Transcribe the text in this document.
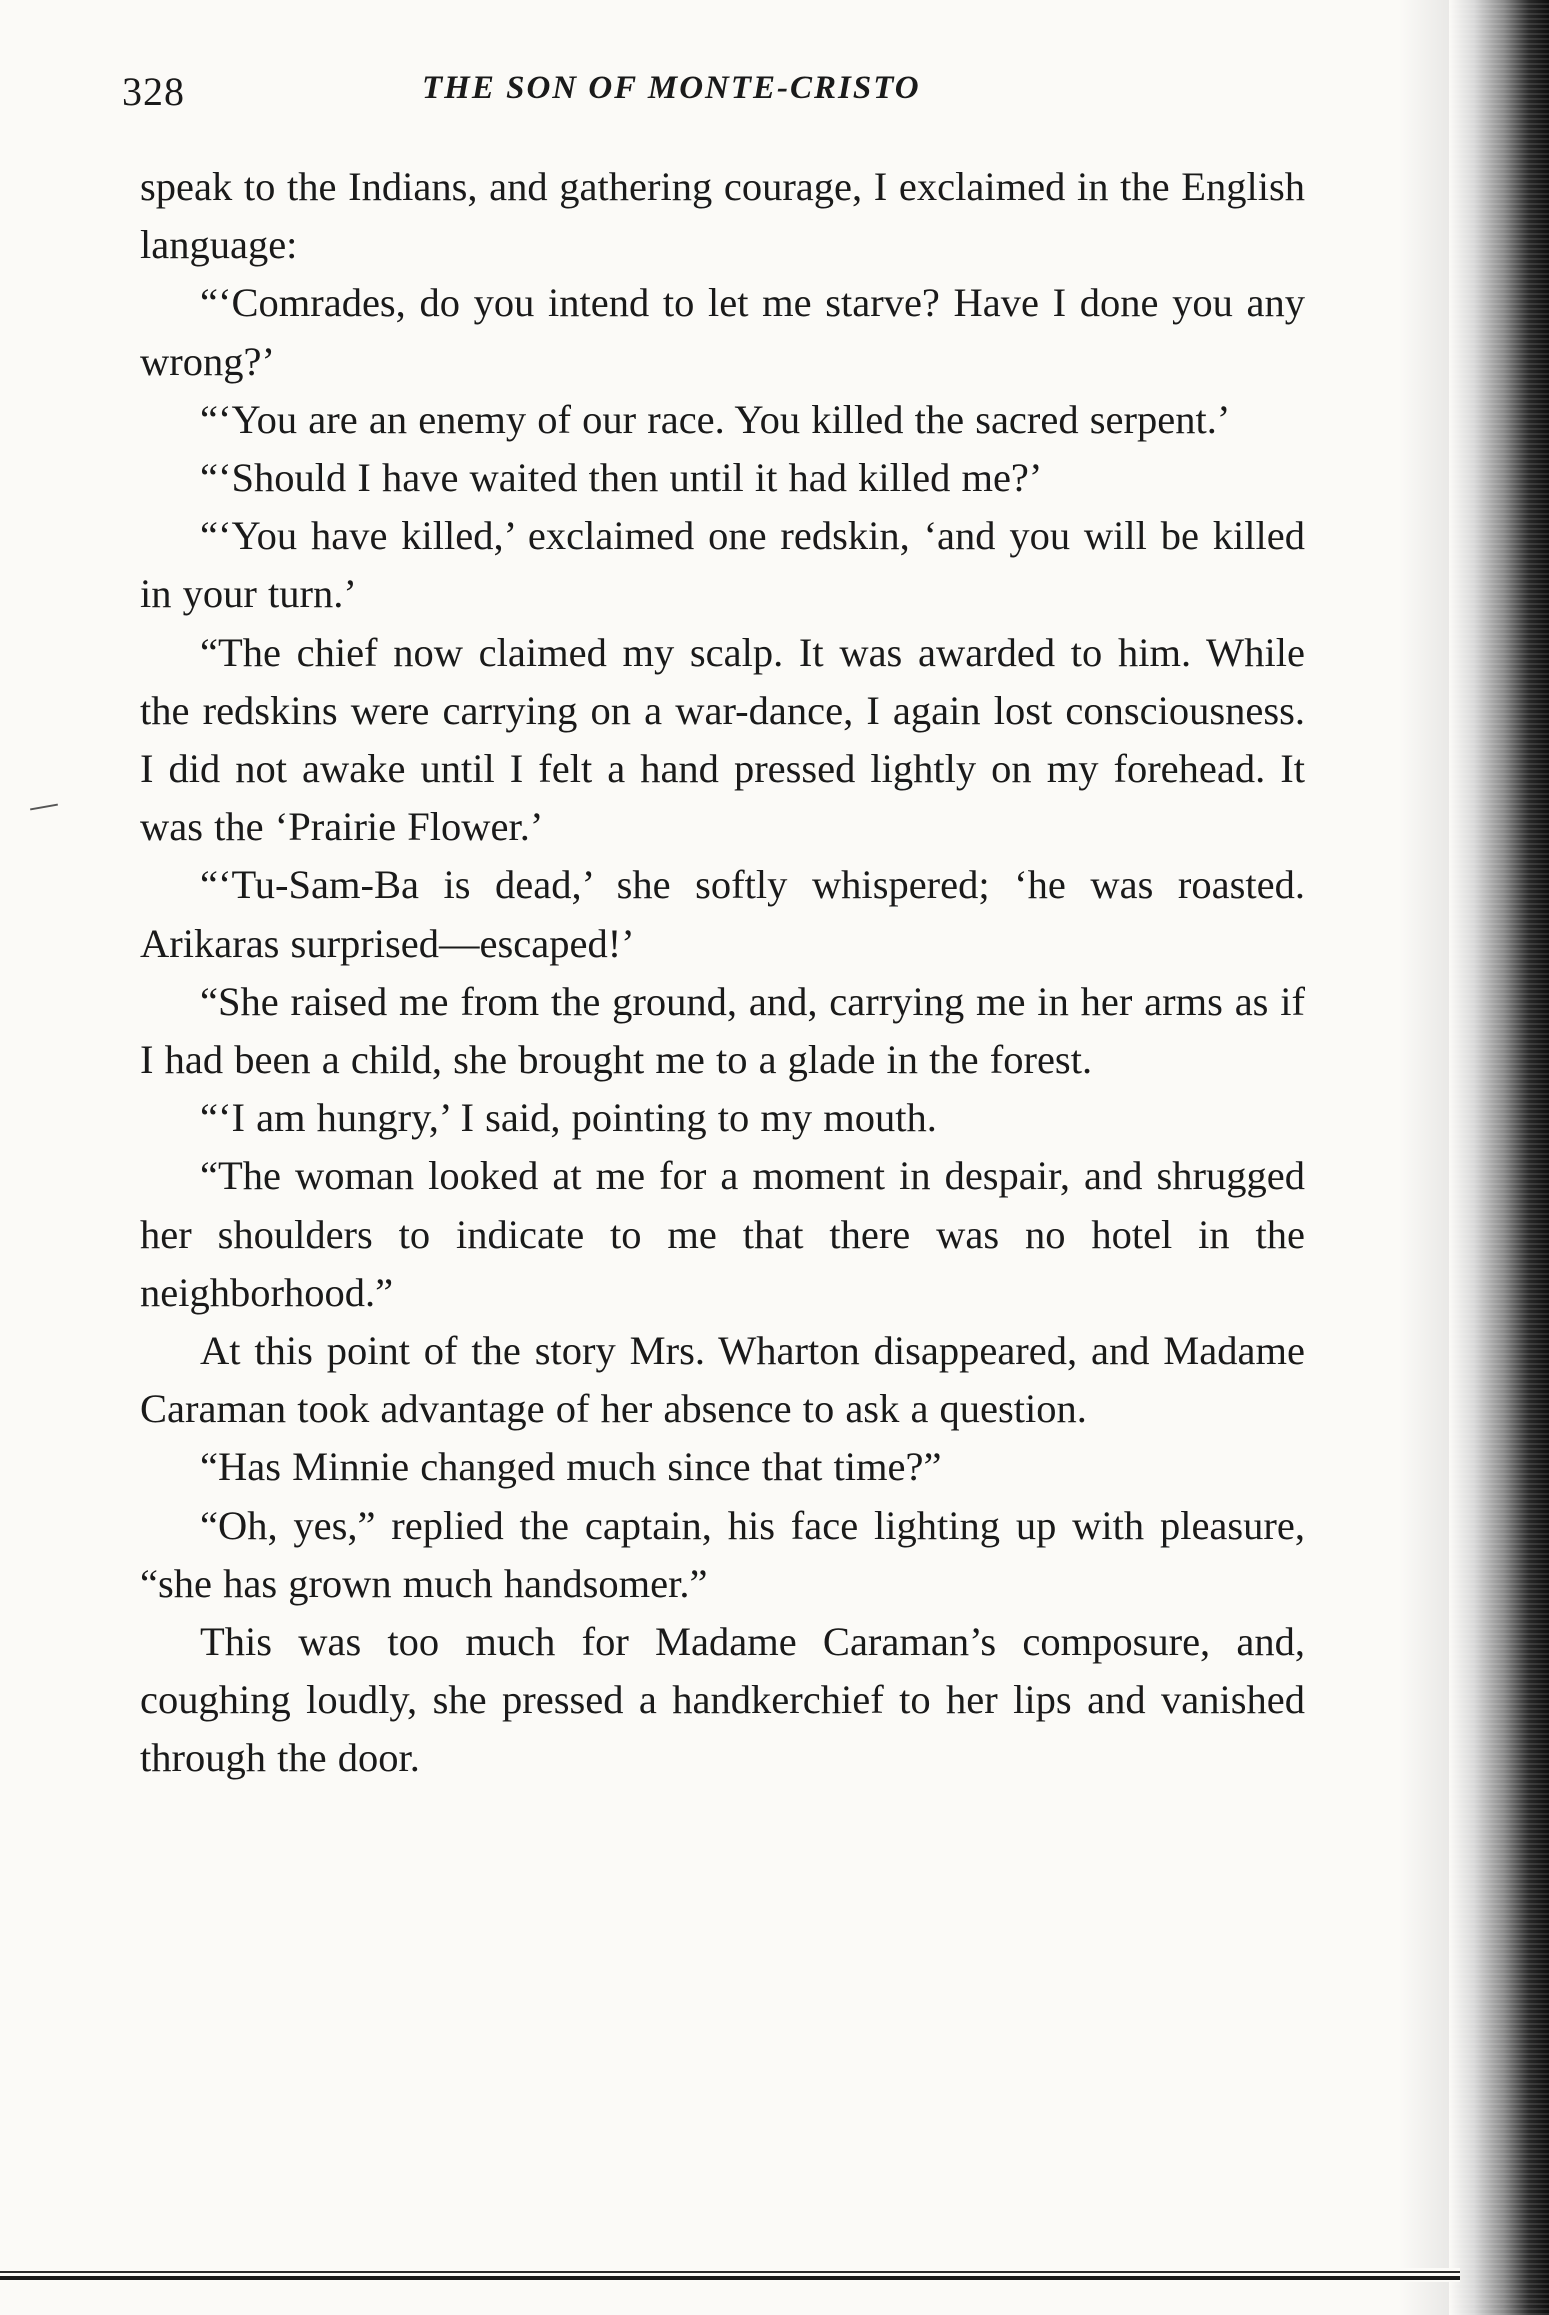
328	THE SON OF MONTE-CRISTO

speak to the Indians, and gathering courage, I exclaimed in the English language:

“‘Comrades, do you intend to let me starve? Have I done you any wrong?’

“‘You are an enemy of our race. You killed the sacred serpent.’

“‘Should I have waited then until it had killed me?’

“‘You have killed,’ exclaimed one redskin, ‘and you will be killed in your turn.’

“The chief now claimed my scalp. It was awarded to him. While the redskins were carrying on a war-dance, I again lost consciousness. I did not awake until I felt a hand pressed lightly on my forehead. It was the ‘Prairie Flower.’

“‘Tu-Sam-Ba is dead,’ she softly whispered; ‘he was roasted. Arikaras surprised—escaped!’

“She raised me from the ground, and, carrying me in her arms as if I had been a child, she brought me to a glade in the forest.

“‘I am hungry,’ I said, pointing to my mouth.

“The woman looked at me for a moment in despair, and shrugged her shoulders to indicate to me that there was no hotel in the neighborhood.”

At this point of the story Mrs. Wharton disappeared, and Madame Caraman took advantage of her absence to ask a question.

“Has Minnie changed much since that time?”

“Oh, yes,” replied the captain, his face lighting up with pleasure, “she has grown much handsomer.”

This was too much for Madame Caraman’s composure, and, coughing loudly, she pressed a handkerchief to her lips and vanished through the door.
